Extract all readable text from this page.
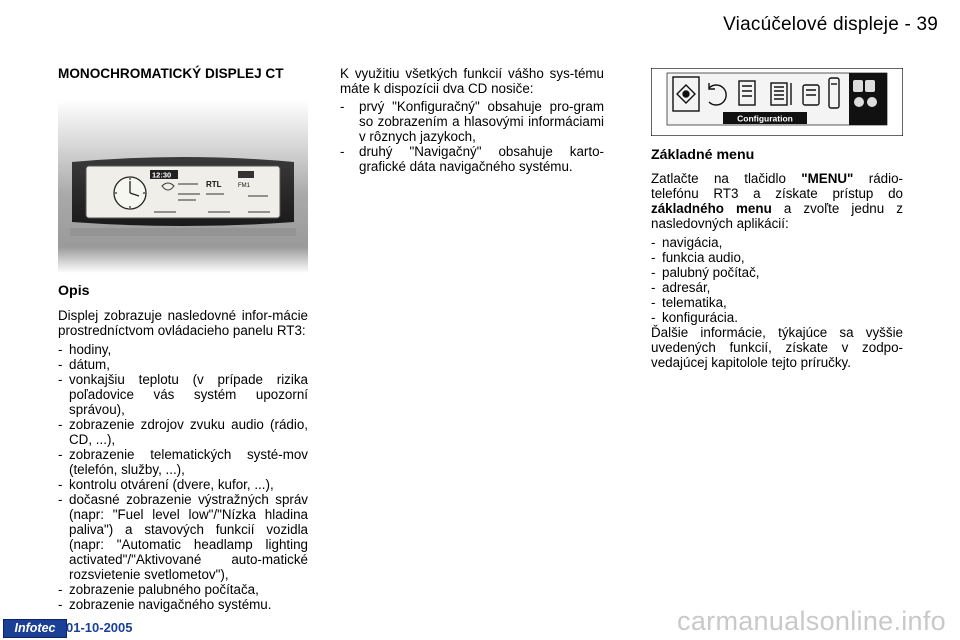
Viacúčelové displeje - 39

MONOCHROMATICKÝ DISPLEJ CT

12:30
RTL	FM1

Opis

Displej zobrazuje nasledovné infor-mácie prostredníctvom ovládacieho panelu RT3:

- hodiny,
- dátum,
- vonkajšiu teplotu (v prípade rizika poľadovice vás systém upozorní správou),
- zobrazenie zdrojov zvuku audio (rádio, CD, ...),
- zobrazenie telematických systé-mov (telefón, služby, ...),
- kontrolu otvárení (dvere, kufor, ...),
- dočasné zobrazenie výstražných správ (napr: "Fuel level low"/"Nízka hladina paliva") a stavových funkcií vozidla (napr: "Automatic headlamp lighting activated"/"Aktivované auto-matické rozsvietenie svetlometov"),
- zobrazenie palubného počítača,
- zobrazenie navigačného systému.

K využitiu všetkých funkcií vášho sys-tému máte k dispozícii dva CD nosiče:

- prvý "Konfiguračný" obsahuje pro-gram so zobrazením a hlasovými informáciami v rôznych jazykoch,
- druhý "Navigačný" obsahuje karto-grafické dáta navigačného systému.
Configuration

Základné menu

Zatlačte na tlačidlo "MENU" rádio-telefónu RT3 a získate prístup do základného menu a zvoľte jednu z nasledovných aplikácií:

- navigácia,
- funkcia audio,
- palubný počítač,
- adresár,
- telematika,
- konfigurácia.

Ďalšie informácie, týkajúce sa vyššie uvedených funkcií, získate v zodpo-vedajúcej kapitolole tejto príručky.

Infotec 01-10-2005	carmanualsonline.info
